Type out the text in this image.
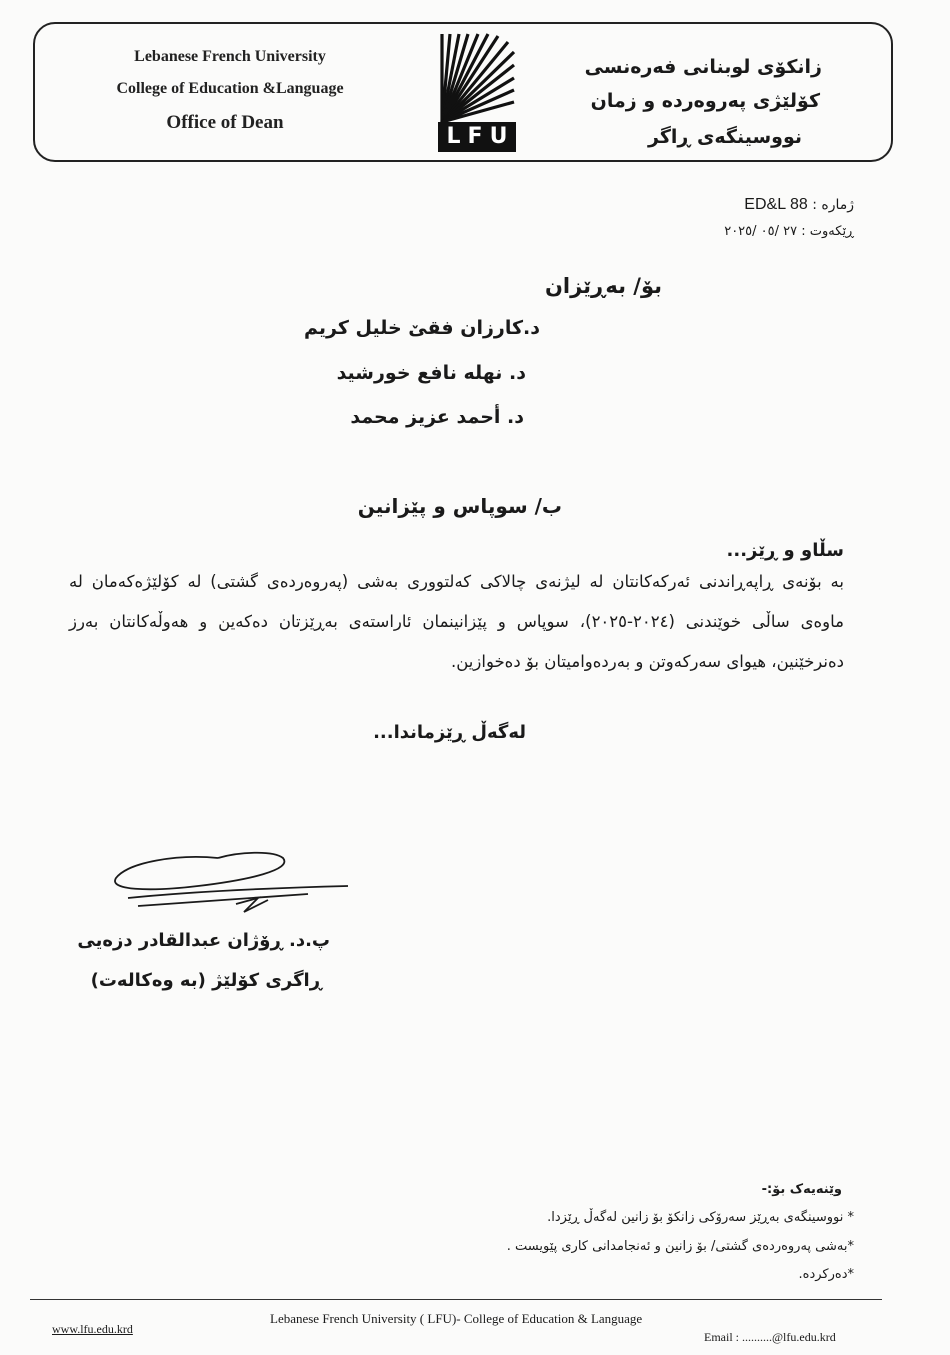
Lebanese French University
College of Education &Language
Office of Dean
LFU
زانکۆی لوبنانی فەرەنسی
کۆلێژی پەروەردە و زمان
نووسینگەی ڕاگر
ژمارە : ED&L 88
ڕێکەوت : ٢٧ /٠٥ /٢٠٢٥
بۆ/ بەڕێزان
د.کارزان فقێ خلیل کریم
د. نهله نافع خورشید
د. أحمد عزیز محمد
ب/ سوپاس و پێزانین
سڵاو و ڕێز...
بە بۆنەی ڕاپەڕاندنی ئەرکەکانتان لە لیژنەی چالاکی کەلتووری بەشی (پەروەردەی گشتی) لە کۆلێژەکەمان لە ماوەی ساڵی خوێندنی (٢٠٢٤-٢٠٢٥)، سوپاس و پێزانینمان ئاراستەی بەڕێزتان دەکەین و هەوڵەکانتان بەرز دەنرخێنین، هیوای سەرکەوتن و بەردەوامیتان بۆ دەخوازین.
لەگەڵ ڕێزماندا...
پ.د. ڕۆژان عبدالقادر دزەیی
ڕاگری کۆلێژ (بە وەکالەت)
وێنەیەک بۆ:-
* نووسینگەی بەڕێز سەرۆکی زانکۆ بۆ زانین لەگەڵ ڕێزدا.
*بەشی پەروەردەی گشتی/ بۆ زانین و ئەنجامدانی کاری پێویست .
*دەرکردە.
Lebanese French University ( LFU)- College of Education & Language
www.lfu.edu.krd
Email : ..........@lfu.edu.krd
